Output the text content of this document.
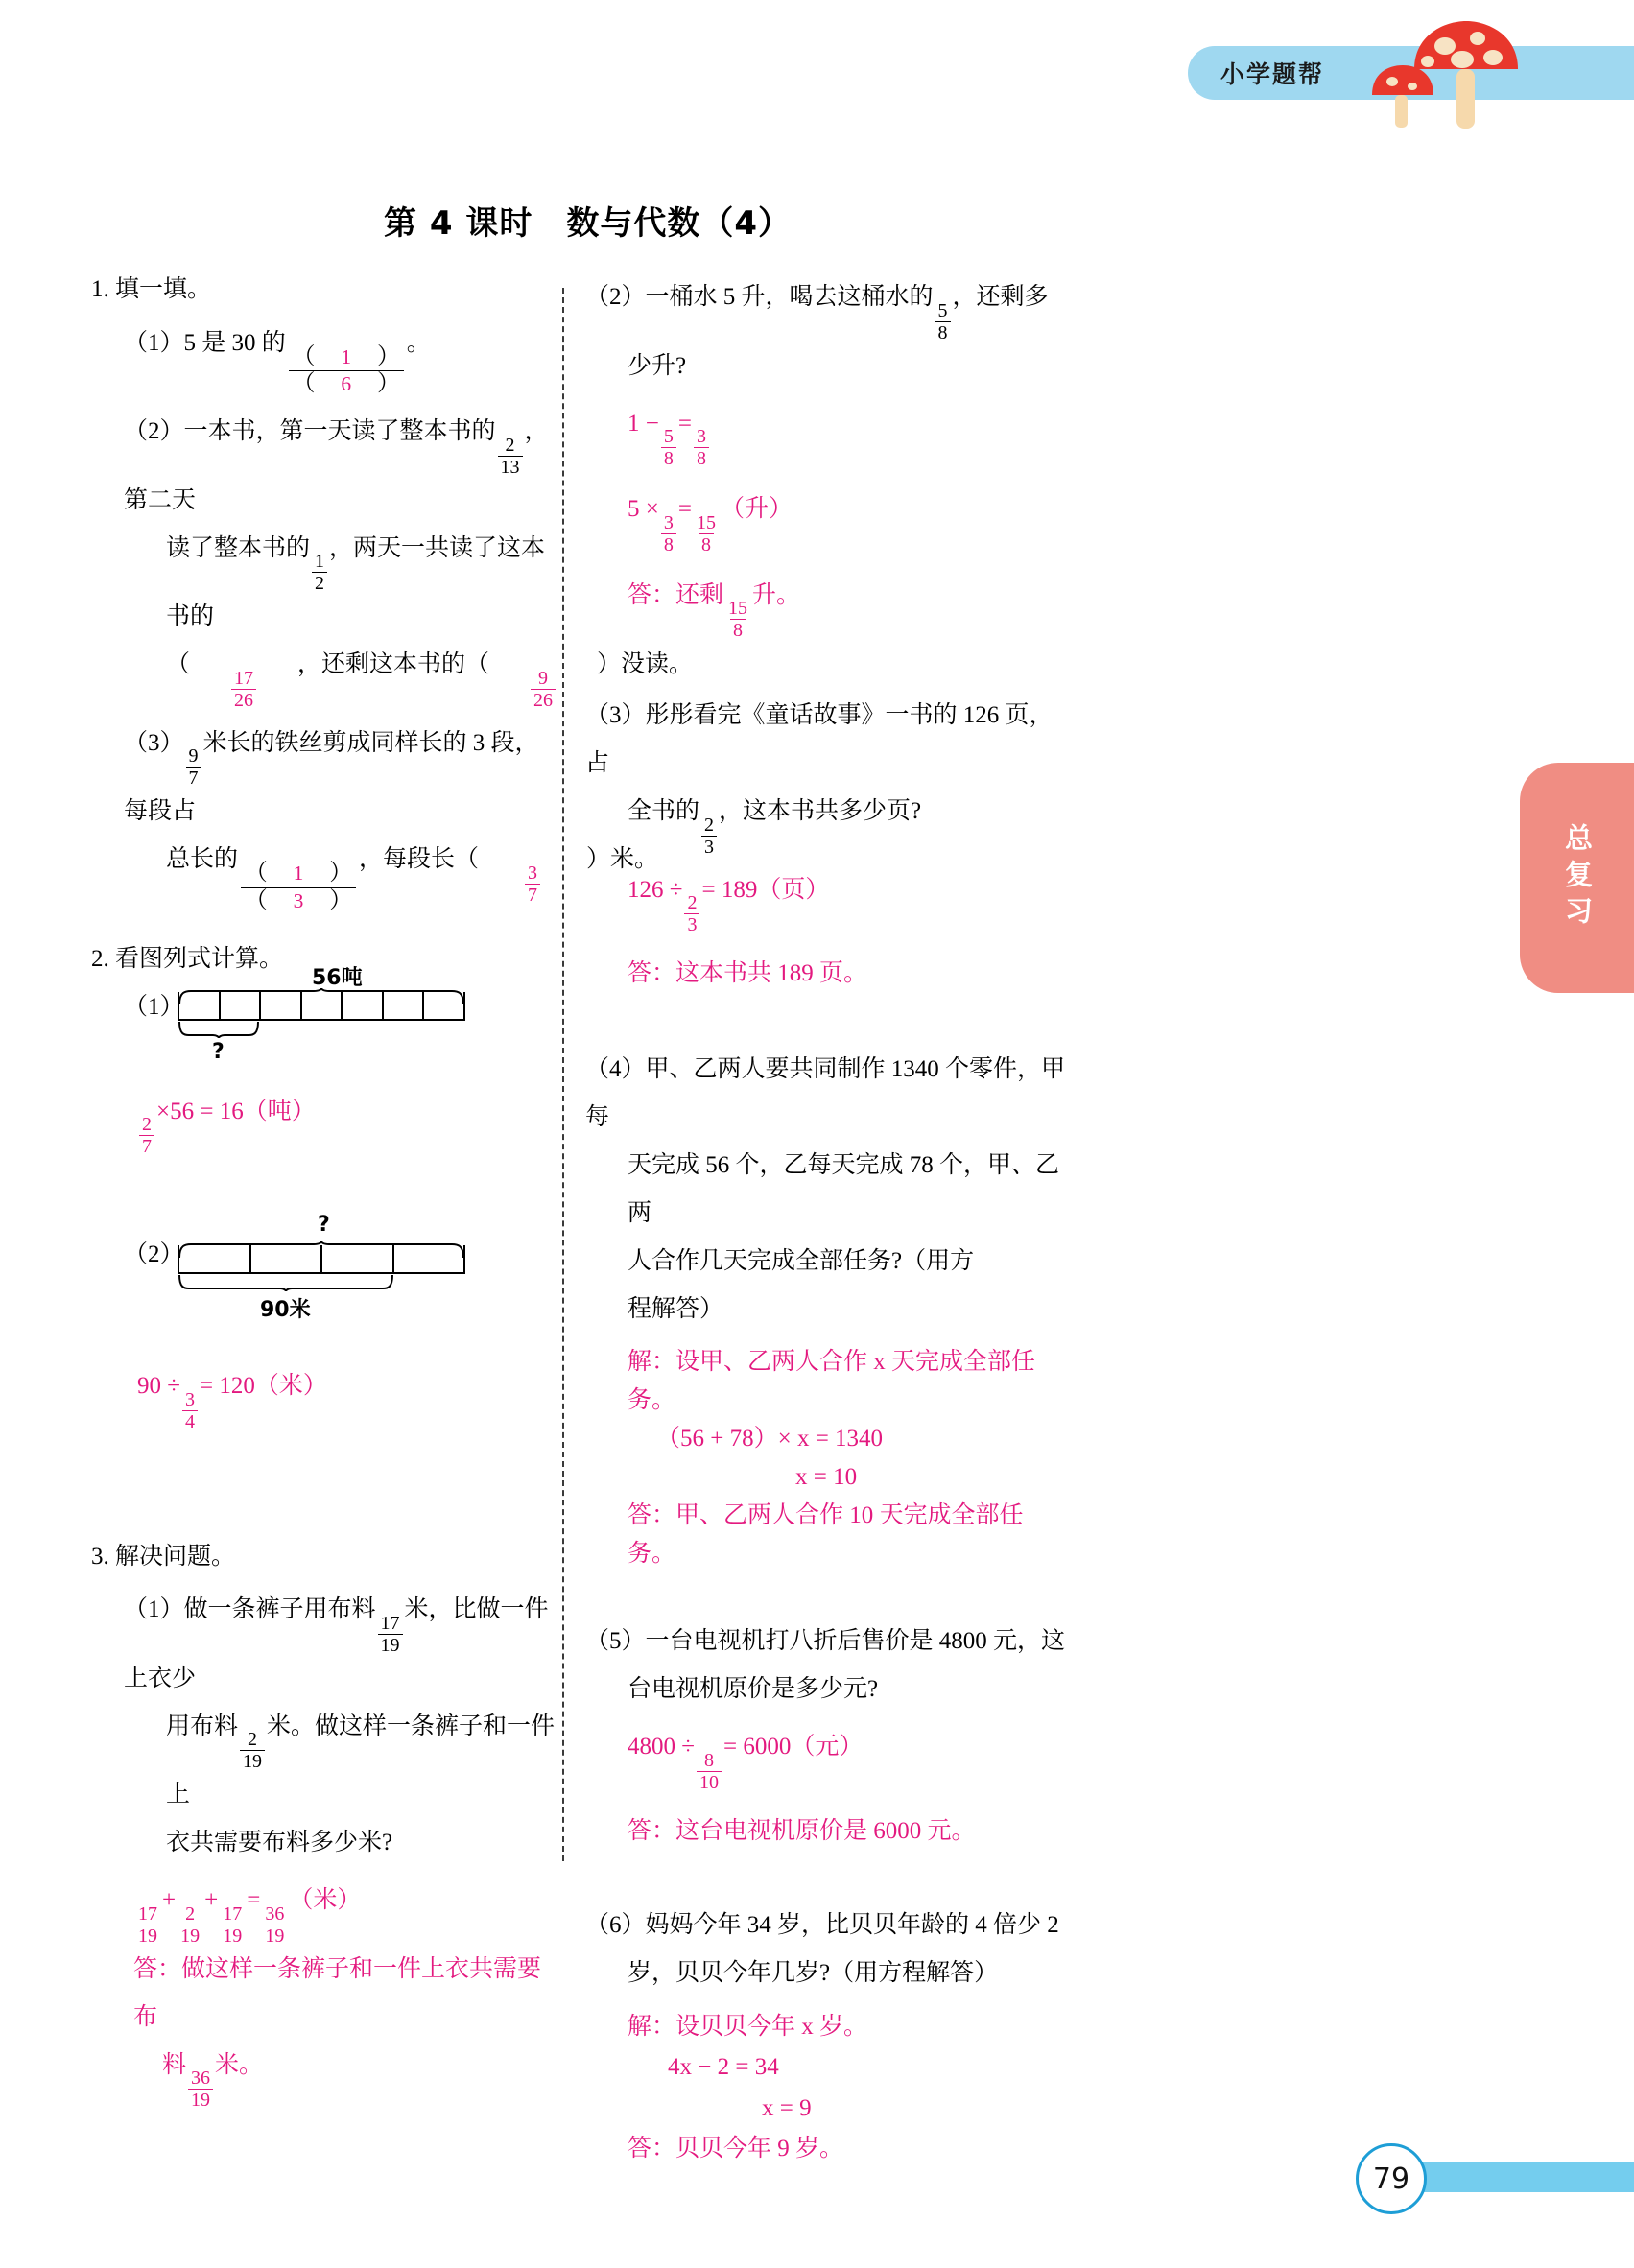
小学题帮
总复习
第 4 课时　数与代数（4）
1. 填一填。
（1）5 是 30 的
$\frac{( 1 )}{( 6 )}$
。
（2）一本书，第一天读了整本书的
$\frac{2}{13}$
，第二天
读了整本书的
$\frac{1}{2}$
，两天一共读了这本书的
（
$\frac{17}{26}$
，还剩这本书的（
$\frac{9}{26}$
）没读。
（3）
$\frac{9}{7}$
米长的铁丝剪成同样长的 3 段，每段占
总长的
$\frac{( 1 )}{( 3 )}$
，每段长（
$\frac{3}{7}$
）米。
2. 看图列式计算。
（1）
56吨
?
$\frac{2}{7}$
×56 = 16（吨）
（2）
?
90米
90 ÷
$\frac{3}{4}$
= 120（米）
3. 解决问题。
（1）做一条裤子用布料
$\frac{17}{19}$
米，比做一件上衣少
用布料
$\frac{2}{19}$
米。做这样一条裤子和一件上
衣共需要布料多少米?
$\frac{17}{19}$
+
$\frac{2}{19}$
+
$\frac{17}{19}$
=
$\frac{36}{19}$
（米）
答：做这样一条裤子和一件上衣共需要布
料
$\frac{36}{19}$
米。
（2）一桶水 5 升，喝去这桶水的
$\frac{5}{8}$
，还剩多
少升?
1 −
$\frac{5}{8}$
=
$\frac{3}{8}$
5 ×
$\frac{3}{8}$
=
$\frac{15}{8}$
（升）
答：还剩
$\frac{15}{8}$
升。
（3）彤彤看完《童话故事》一书的 126 页，占
全书的
$\frac{2}{3}$
，这本书共多少页?
126 ÷
$\frac{2}{3}$
= 189（页）
答：这本书共 189 页。
（4）甲、乙两人要共同制作 1340 个零件，甲每
天完成 56 个，乙每天完成 78 个，甲、乙两
人合作几天完成全部任务?（用方
程解答）
解：设甲、乙两人合作 x 天完成全部任务。
（56 + 78）× x = 1340
x = 10
答：甲、乙两人合作 10 天完成全部任务。
（5）一台电视机打八折后售价是 4800 元，这
台电视机原价是多少元?
4800 ÷
$\frac{8}{10}$
= 6000（元）
答：这台电视机原价是 6000 元。
（6）妈妈今年 34 岁，比贝贝年龄的 4 倍少 2
岁，贝贝今年几岁?（用方程解答）
解：设贝贝今年 x 岁。
4x − 2 = 34
x = 9
答：贝贝今年 9 岁。
79
